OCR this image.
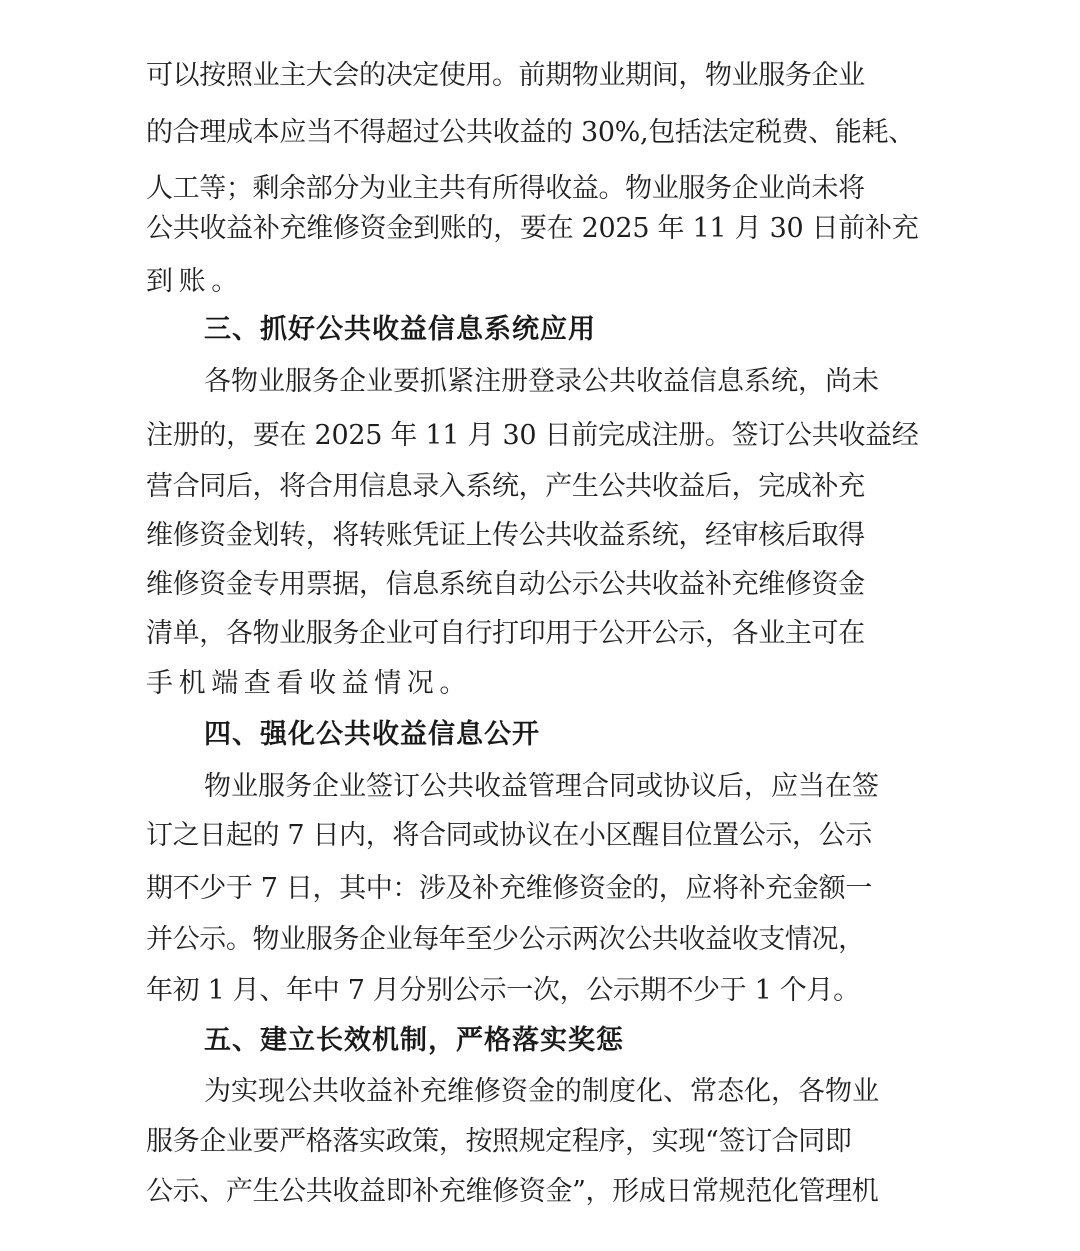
可以按照业主大会的决定使用。前期物业期间，物业服务企业
的合理成本应当不得超过公共收益的 30%,包括法定税费、能耗、
人工等；剩余部分为业主共有所得收益。物业服务企业尚未将
公共收益补充维修资金到账的，要在 2025 年 11 月 30 日前补充
到账。
三、抓好公共收益信息系统应用
各物业服务企业要抓紧注册登录公共收益信息系统，尚未
注册的，要在 2025 年 11 月 30 日前完成注册。签订公共收益经
营合同后，将合用信息录入系统，产生公共收益后，完成补充
维修资金划转，将转账凭证上传公共收益系统，经审核后取得
维修资金专用票据，信息系统自动公示公共收益补充维修资金
清单，各物业服务企业可自行打印用于公开公示，各业主可在
手机端查看收益情况。
四、强化公共收益信息公开
物业服务企业签订公共收益管理合同或协议后，应当在签
订之日起的 7 日内，将合同或协议在小区醒目位置公示，公示
期不少于 7 日，其中：涉及补充维修资金的，应将补充金额一
并公示。物业服务企业每年至少公示两次公共收益收支情况，
年初 1 月、年中 7 月分别公示一次，公示期不少于 1 个月。
五、建立长效机制，严格落实奖惩
为实现公共收益补充维修资金的制度化、常态化，各物业
服务企业要严格落实政策，按照规定程序，实现“签订合同即
公示、产生公共收益即补充维修资金”，形成日常规范化管理机
